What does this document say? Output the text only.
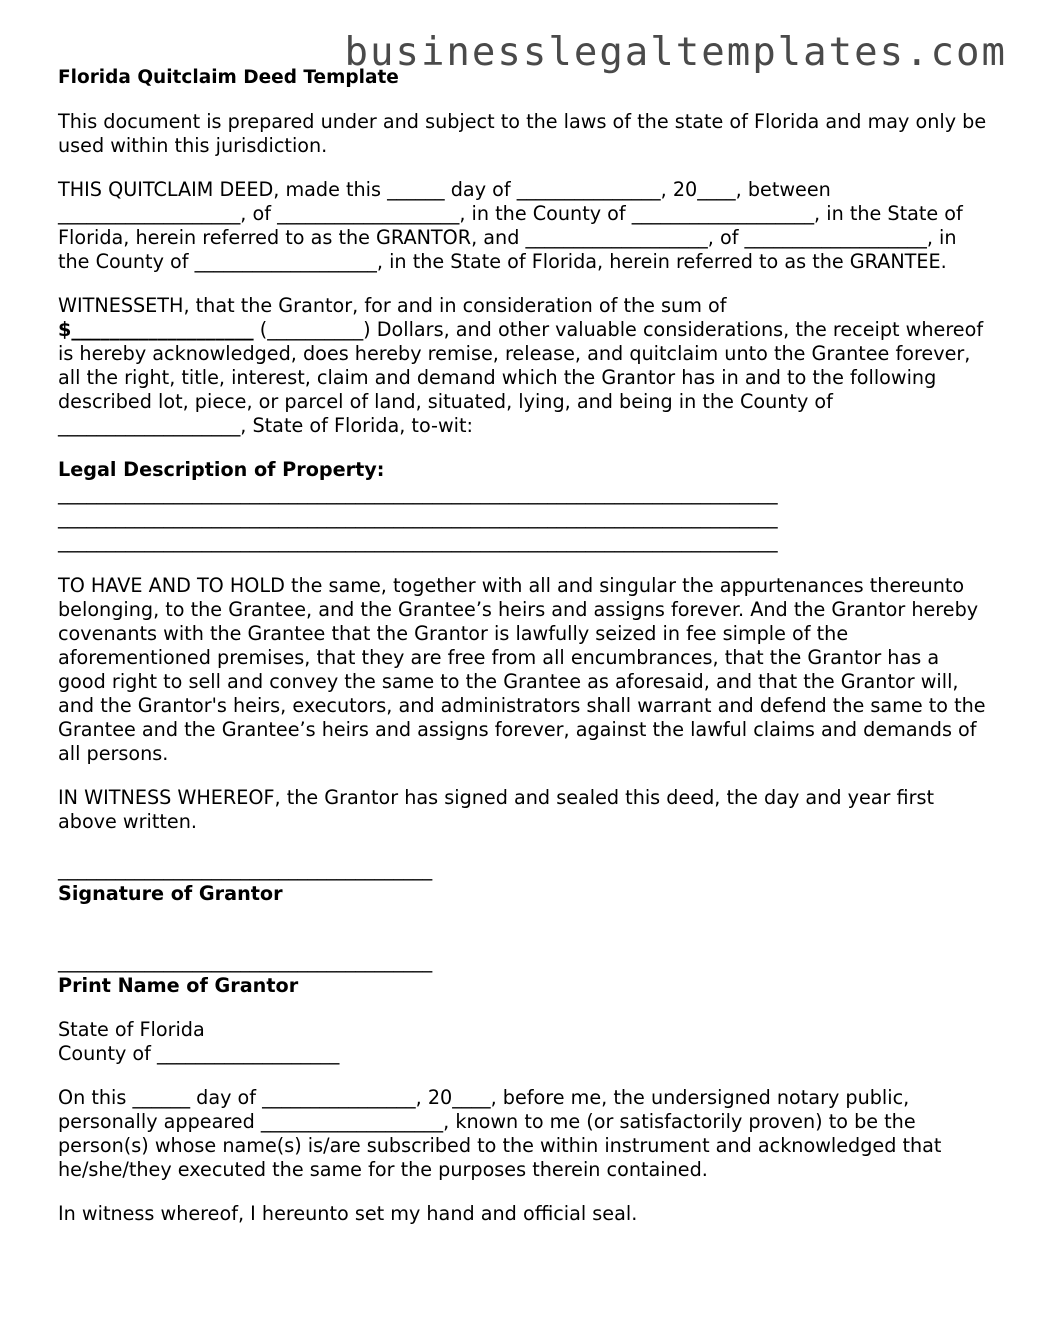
businesslegaltemplates.com

Florida Quitclaim Deed Template

This document is prepared under and subject to the laws of the state of Florida and may only be used within this jurisdiction.

THIS QUITCLAIM DEED, made this ______ day of _______________, 20____, between ___________________, of ___________________, in the County of ___________________, in the State of Florida, herein referred to as the GRANTOR, and ___________________, of ___________________, in the County of ___________________, in the State of Florida, herein referred to as the GRANTEE.

WITNESSETH, that the Grantor, for and in consideration of the sum of
$___________________ (__________) Dollars, and other valuable considerations, the receipt whereof is hereby acknowledged, does hereby remise, release, and quitclaim unto the Grantee forever, all the right, title, interest, claim and demand which the Grantor has in and to the following described lot, piece, or parcel of land, situated, lying, and being in the County of ___________________, State of Florida, to-wit:

Legal Description of Property:

___________________________________________________________________________

___________________________________________________________________________

___________________________________________________________________________

TO HAVE AND TO HOLD the same, together with all and singular the appurtenances thereunto belonging, to the Grantee, and the Grantee’s heirs and assigns forever. And the Grantor hereby covenants with the Grantee that the Grantor is lawfully seized in fee simple of the aforementioned premises, that they are free from all encumbrances, that the Grantor has a good right to sell and convey the same to the Grantee as aforesaid, and that the Grantor will, and the Grantor's heirs, executors, and administrators shall warrant and defend the same to the Grantee and the Grantee’s heirs and assigns forever, against the lawful claims and demands of all persons.

IN WITNESS WHEREOF, the Grantor has signed and sealed this deed, the day and year first above written.

_______________________________________

Signature of Grantor

_______________________________________

Print Name of Grantor

State of Florida

County of ___________________

On this ______ day of ________________, 20____, before me, the undersigned notary public, personally appeared ___________________, known to me (or satisfactorily proven) to be the person(s) whose name(s) is/are subscribed to the within instrument and acknowledged that he/she/they executed the same for the purposes therein contained.

In witness whereof, I hereunto set my hand and official seal.
